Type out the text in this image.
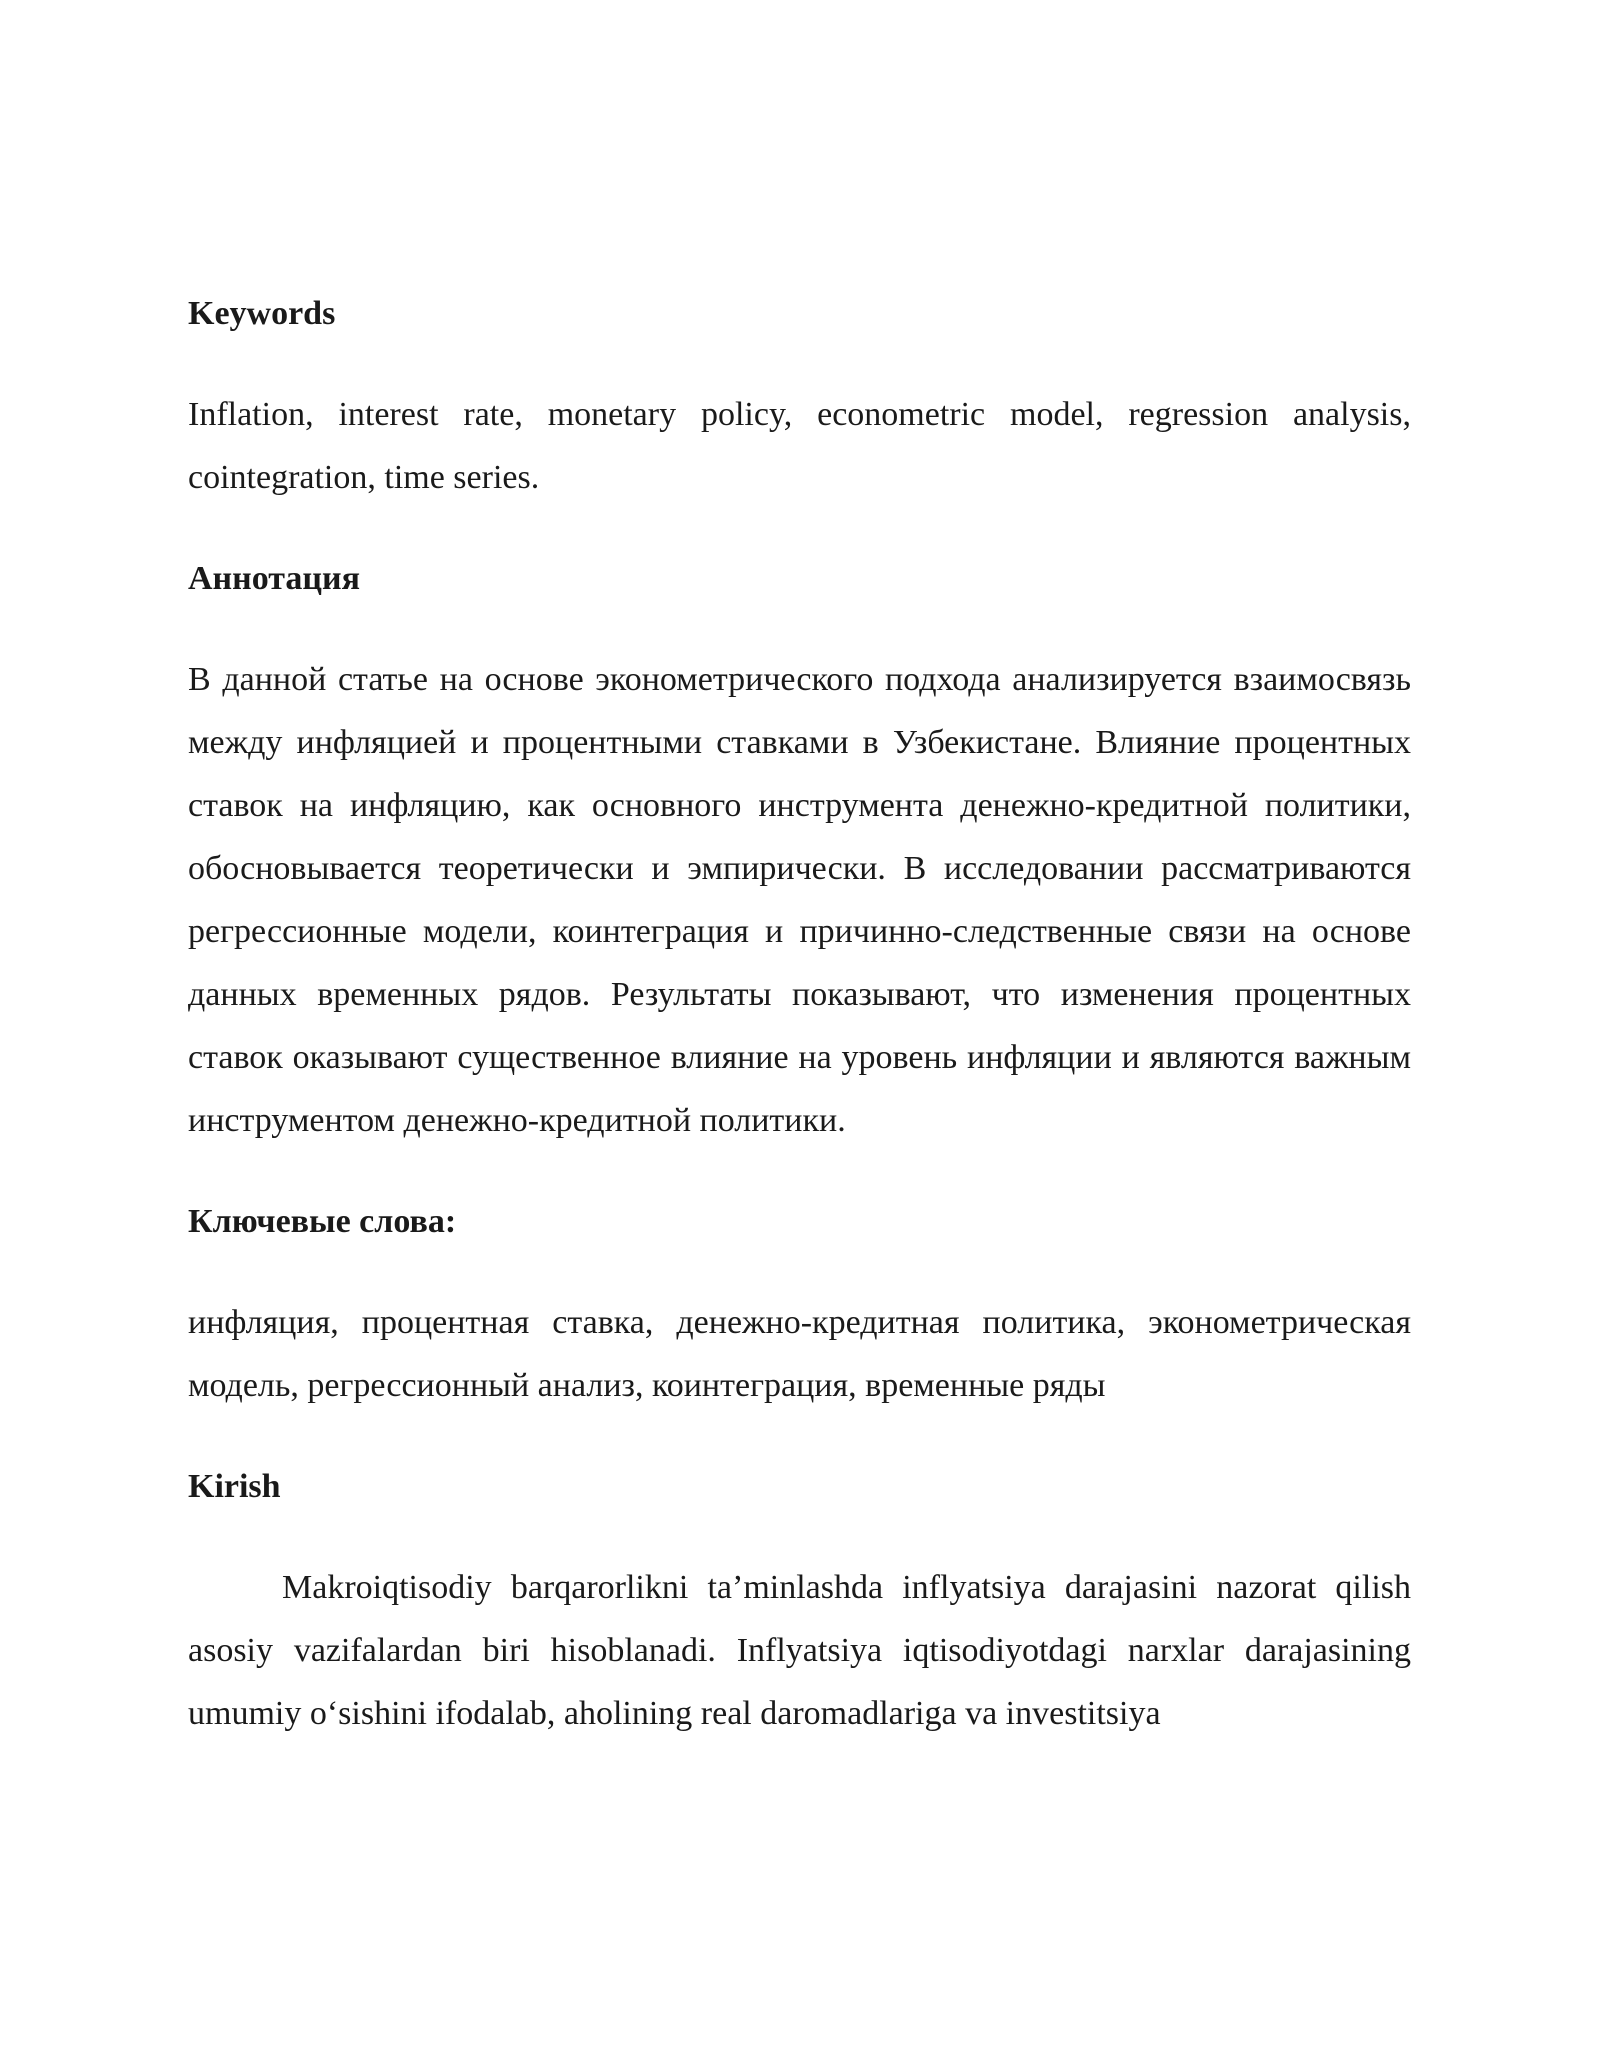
Keywords
Inflation, interest rate, monetary policy, econometric model, regression analysis, cointegration, time series.
Аннотация
В данной статье на основе эконометрического подхода анализируется взаимосвязь между инфляцией и процентными ставками в Узбекистане. Влияние процентных ставок на инфляцию, как основного инструмента денежно-кредитной политики, обосновывается теоретически и эмпирически. В исследовании рассматриваются регрессионные модели, коинтеграция и причинно-следственные связи на основе данных временных рядов. Результаты показывают, что изменения процентных ставок оказывают существенное влияние на уровень инфляции и являются важным инструментом денежно-кредитной политики.
Ключевые слова:
инфляция, процентная ставка, денежно-кредитная политика, эконометрическая модель, регрессионный анализ, коинтеграция, временные ряды
Kirish
Makroiqtisodiy barqarorlikni ta’minlashda inflyatsiya darajasini nazorat qilish asosiy vazifalardan biri hisoblanadi. Inflyatsiya iqtisodiyotdagi narxlar darajasining umumiy o‘sishini ifodalab, aholining real daromadlariga va investitsiya
